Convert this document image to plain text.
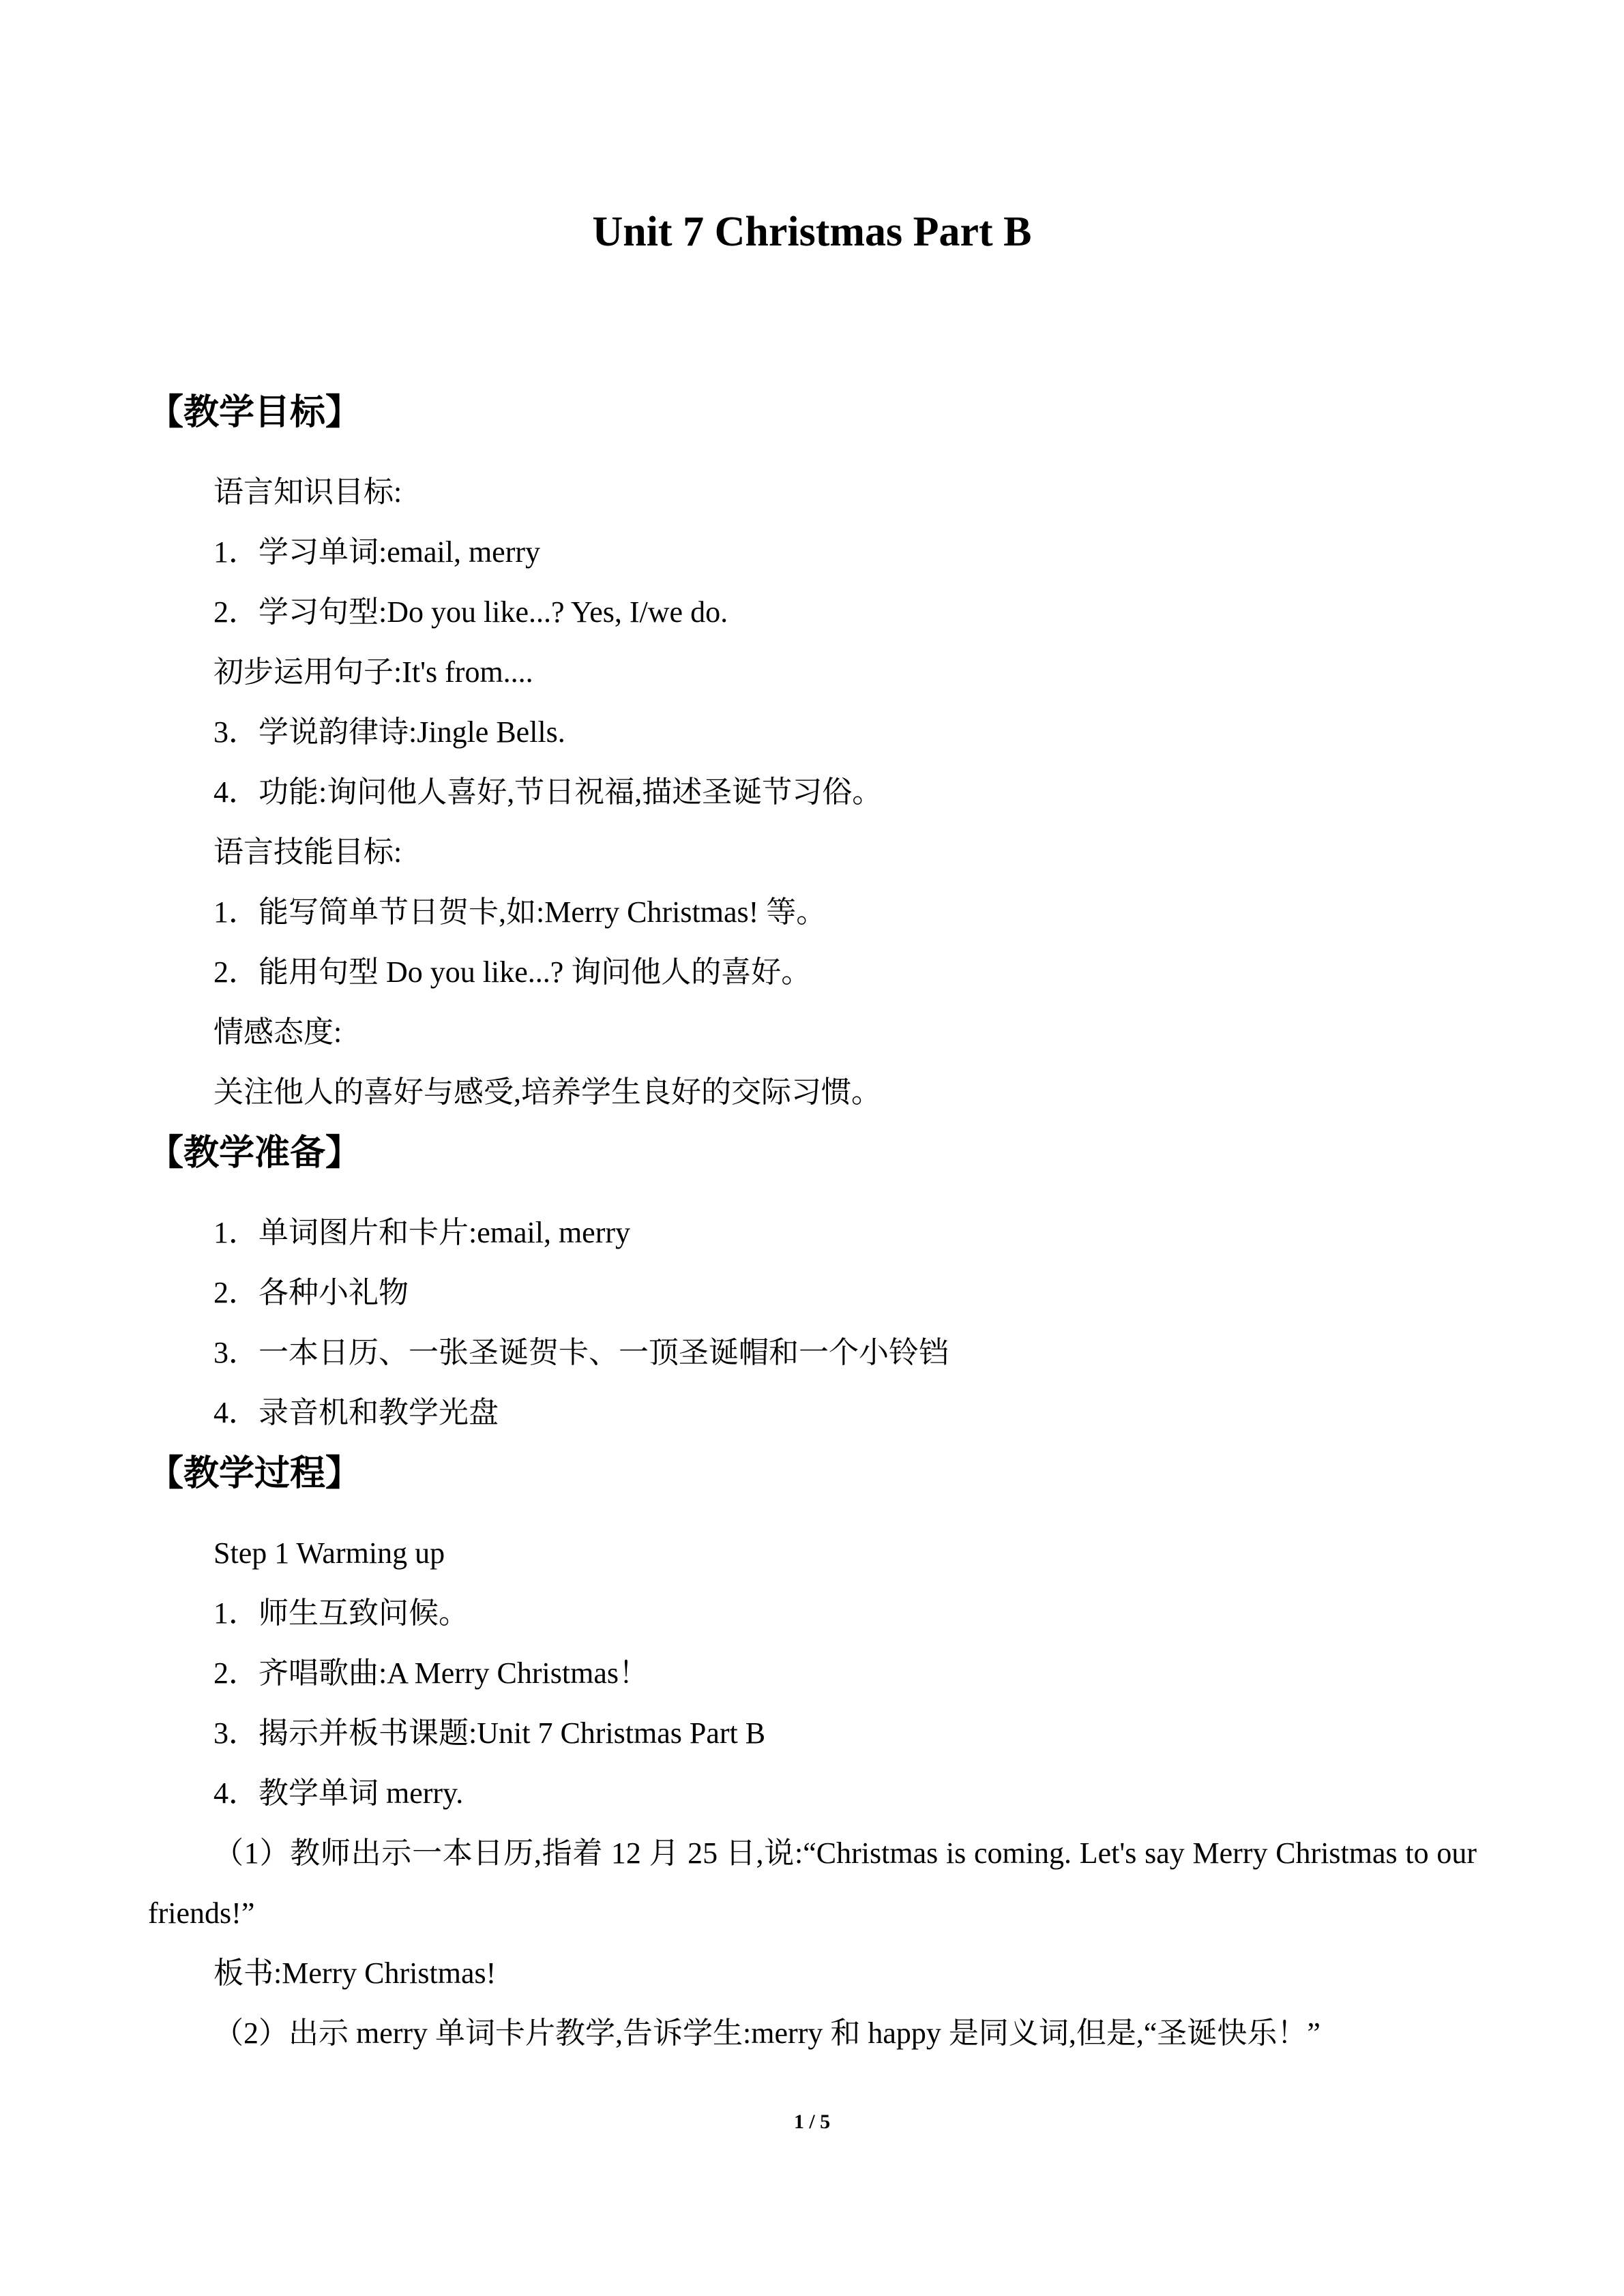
Unit 7 Christmas Part B
【教学目标】
语言知识目标:
1．学习单词:email, merry
2．学习句型:Do you like...? Yes, I/we do.
初步运用句子:It's from....
3．学说韵律诗:Jingle Bells.
4．功能:询问他人喜好,节日祝福,描述圣诞节习俗。
语言技能目标:
1．能写简单节日贺卡,如:Merry Christmas! 等。
2．能用句型 Do you like...? 询问他人的喜好。
情感态度:
关注他人的喜好与感受,培养学生良好的交际习惯。
【教学准备】
1．单词图片和卡片:email, merry
2．各种小礼物
3．一本日历、一张圣诞贺卡、一顶圣诞帽和一个小铃铛
4．录音机和教学光盘
【教学过程】
Step 1 Warming up
1．师生互致问候。
2．齐唱歌曲:A Merry Christmas！
3．揭示并板书课题:Unit 7 Christmas Part B
4．教学单词 merry.

（1）教师出示一本日历,指着 12 月 25 日,说:“Christmas is coming. Let's say Merry Christmas to our friends!”

板书:Merry Christmas!
（2）出示 merry 单词卡片教学,告诉学生:merry 和 happy 是同义词,但是,“圣诞快乐！”
1 / 5
